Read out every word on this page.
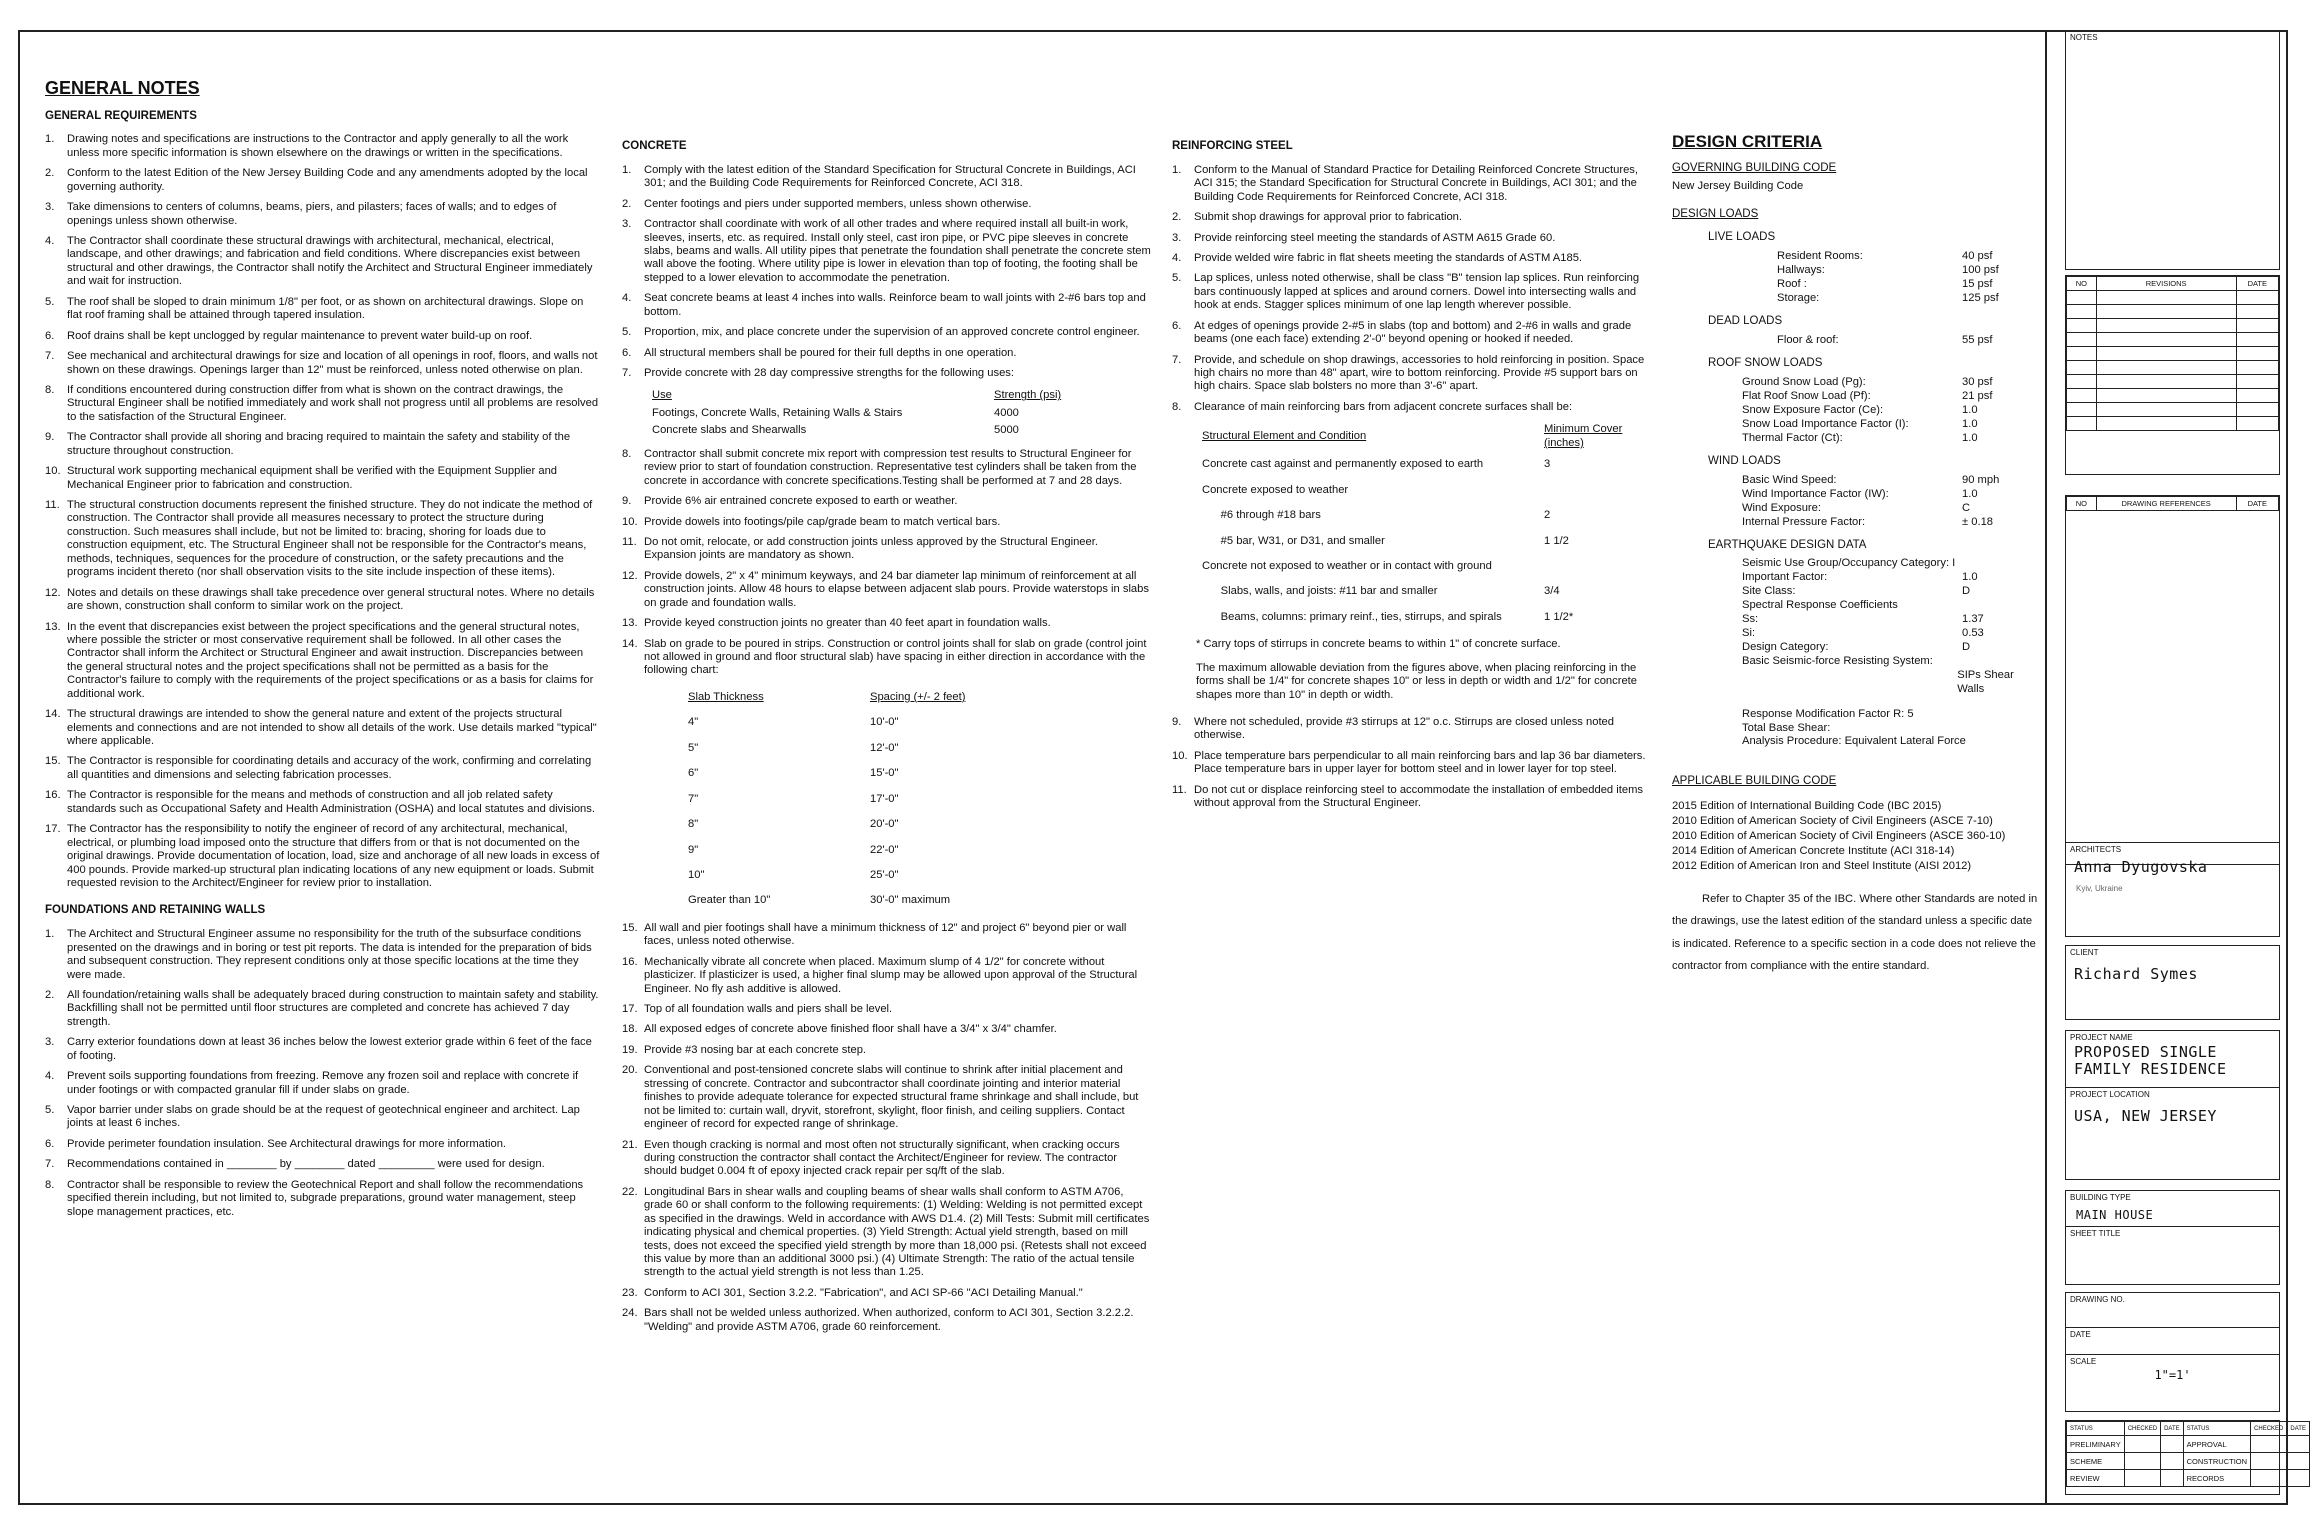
GENERAL NOTES
GENERAL REQUIREMENTS
1.	Drawing notes and specifications are instructions to the Contractor and apply generally to all the work unless more specific information is shown elsewhere on the drawings or written in the specifications.
2.	Conform to the latest Edition of the New Jersey Building Code and any amendments adopted by the local governing authority.
3.	Take dimensions to centers of columns, beams, piers, and pilasters; faces of walls; and to edges of openings unless shown otherwise.
4.	The Contractor shall coordinate these structural drawings with architectural, mechanical, electrical, landscape, and other drawings; and fabrication and field conditions. Where discrepancies exist between structural and other drawings, the Contractor shall notify the Architect and Structural Engineer immediately and wait for instruction.
5.	The roof shall be sloped to drain minimum 1/8" per foot, or as shown on architectural drawings. Slope on flat roof framing shall be attained through tapered insulation.
6.	Roof drains shall be kept unclogged by regular maintenance to prevent water build-up on roof.
7.	See mechanical and architectural drawings for size and location of all openings in roof, floors, and walls not shown on these drawings. Openings larger than 12" must be reinforced, unless noted otherwise on plan.
8.	If conditions encountered during construction differ from what is shown on the contract drawings, the Structural Engineer shall be notified immediately and work shall not progress until all problems are resolved to the satisfaction of the Structural Engineer.
9.	The Contractor shall provide all shoring and bracing required to maintain the safety and stability of the structure throughout construction.
10. Structural work supporting mechanical equipment shall be verified with the Equipment Supplier and Mechanical Engineer prior to fabrication and construction.
11. The structural construction documents represent the finished structure. They do not indicate the method of construction. The Contractor shall provide all measures necessary to protect the structure during construction. Such measures shall include, but not be limited to: bracing, shoring for loads due to construction equipment, etc. The Structural Engineer shall not be responsible for the Contractor's means, methods, techniques, sequences for the procedure of construction, or the safety precautions and the programs incident thereto (nor shall observation visits to the site include inspection of these items).
12. Notes and details on these drawings shall take precedence over general structural notes. Where no details are shown, construction shall conform to similar work on the project.
13. In the event that discrepancies exist between the project specifications and the general structural notes, where possible the stricter or most conservative requirement shall be followed. In all other cases the Contractor shall inform the Architect or Structural Engineer and await instruction. Discrepancies between the general structural notes and the project specifications shall not be permitted as a basis for the Contractor's failure to comply with the requirements of the project specifications or as a basis for claims for additional work.
14. The structural drawings are intended to show the general nature and extent of the projects structural elements and connections and are not intended to show all details of the work. Use details marked "typical" where applicable.
15. The Contractor is responsible for coordinating details and accuracy of the work, confirming and correlating all quantities and dimensions and selecting fabrication processes.
16. The Contractor is responsible for the means and methods of construction and all job related safety standards such as Occupational Safety and Health Administration (OSHA) and local statutes and divisions.
17. The Contractor has the responsibility to notify the engineer of record of any architectural, mechanical, electrical, or plumbing load imposed onto the structure that differs from or that is not documented on the original drawings. Provide documentation of location, load, size and anchorage of all new loads in excess of 400 pounds. Provide marked-up structural plan indicating locations of any new equipment or loads. Submit requested revision to the Architect/Engineer for review prior to installation.
FOUNDATIONS AND RETAINING WALLS
1.	The Architect and Structural Engineer assume no responsibility for the truth of the subsurface conditions presented on the drawings and in boring or test pit reports. The data is intended for the preparation of bids and subsequent construction. They represent conditions only at those specific locations at the time they were made.
2.	All foundation/retaining walls shall be adequately braced during construction to maintain safety and stability. Backfilling shall not be permitted until floor structures are completed and concrete has achieved 7 day strength.
3.	Carry exterior foundations down at least 36 inches below the lowest exterior grade within 6 feet of the face of footing.
4.	Prevent soils supporting foundations from freezing. Remove any frozen soil and replace with concrete if under footings or with compacted granular fill if under slabs on grade.
5.	Vapor barrier under slabs on grade should be at the request of geotechnical engineer and architect. Lap joints at least 6 inches.
6.	Provide perimeter foundation insulation. See Architectural drawings for more information.
7.	Recommendations contained in ________ by ________ dated _________ were used for design.
8.	Contractor shall be responsible to review the Geotechnical Report and shall follow the recommendations specified therein including, but not limited to, subgrade preparations, ground water management, steep slope management practices, etc.
CONCRETE
1.	Comply with the latest edition of the Standard Specification for Structural Concrete in Buildings, ACI 301; and the Building Code Requirements for Reinforced Concrete, ACI 318.
2.	Center footings and piers under supported members, unless shown otherwise.
3.	Contractor shall coordinate with work of all other trades and where required install all built-in work, sleeves, inserts, etc. as required. Install only steel, cast iron pipe, or PVC pipe sleeves in concrete slabs, beams and walls. All utility pipes that penetrate the foundation shall penetrate the concrete stem wall above the footing. Where utility pipe is lower in elevation than top of footing, the footing shall be stepped to a lower elevation to accommodate the penetration.
4.	Seat concrete beams at least 4 inches into walls. Reinforce beam to wall joints with 2-#6 bars top and bottom.
5.	Proportion, mix, and place concrete under the supervision of an approved concrete control engineer.
6.	All structural members shall be poured for their full depths in one operation.
7.	Provide concrete with 28 day compressive strengths for the following uses:
Use	Strength (psi)
Footings, Concrete Walls, Retaining Walls & Stairs	4000
Concrete slabs and Shearwalls	5000
8.	Contractor shall submit concrete mix report with compression test results to Structural Engineer for review prior to start of foundation construction. Representative test cylinders shall be taken from the concrete in accordance with concrete specifications.Testing shall be performed at 7 and 28 days.
9.	Provide 6% air entrained concrete exposed to earth or weather.
10. Provide dowels into footings/pile cap/grade beam to match vertical bars.
11. Do not omit, relocate, or add construction joints unless approved by the Structural Engineer. Expansion joints are mandatory as shown.
12. Provide dowels, 2" x 4" minimum keyways, and 24 bar diameter lap minimum of reinforcement at all construction joints. Allow 48 hours to elapse between adjacent slab pours. Provide waterstops in slabs on grade and foundation walls.
13. Provide keyed construction joints no greater than 40 feet apart in foundation walls.
14. Slab on grade to be poured in strips. Construction or control joints shall for slab on grade (control joint not allowed in ground and floor structural slab) have spacing in either direction in accordance with the following chart:
Slab Thickness	Spacing (+/- 2 feet)
4"	10'-0"
5"	12'-0"
6"	15'-0"
7"	17'-0"
8"	20'-0"
9"	22'-0"
10"	25'-0"
Greater than 10"	30'-0" maximum
15. All wall and pier footings shall have a minimum thickness of 12" and project 6" beyond pier or wall faces, unless noted otherwise.
16. Mechanically vibrate all concrete when placed. Maximum slump of 4 1/2" for concrete without plasticizer. If plasticizer is used, a higher final slump may be allowed upon approval of the Structural Engineer. No fly ash additive is allowed.
17. Top of all foundation walls and piers shall be level.
18. All exposed edges of concrete above finished floor shall have a 3/4" x 3/4" chamfer.
19. Provide #3 nosing bar at each concrete step.
20. Conventional and post-tensioned concrete slabs will continue to shrink after initial placement and stressing of concrete. Contractor and subcontractor shall coordinate jointing and interior material finishes to provide adequate tolerance for expected structural frame shrinkage and shall include, but not be limited to: curtain wall, dryvit, storefront, skylight, floor finish, and ceiling suppliers. Contact engineer of record for expected range of shrinkage.
21. Even though cracking is normal and most often not structurally significant, when cracking occurs during construction the contractor shall contact the Architect/Engineer for review. The contractor should budget 0.004 ft of epoxy injected crack repair per sq/ft of the slab.
22. Longitudinal Bars in shear walls and coupling beams of shear walls shall conform to ASTM A706, grade 60 or shall conform to the following requirements: (1) Welding: Welding is not permitted except as specified in the drawings. Weld in accordance with AWS D1.4. (2) Mill Tests: Submit mill certificates indicating physical and chemical properties. (3) Yield Strength: Actual yield strength, based on mill tests, does not exceed the specified yield strength by more than 18,000 psi. (Retests shall not exceed this value by more than an additional 3000 psi.) (4) Ultimate Strength: The ratio of the actual tensile strength to the actual yield strength is not less than 1.25.
23. Conform to ACI 301, Section 3.2.2. "Fabrication", and ACI SP-66 "ACI Detailing Manual."
24. Bars shall not be welded unless authorized. When authorized, conform to ACI 301, Section 3.2.2.2. "Welding" and provide ASTM A706, grade 60 reinforcement.
REINFORCING STEEL
1.	Conform to the Manual of Standard Practice for Detailing Reinforced Concrete Structures, ACI 315; the Standard Specification for Structural Concrete in Buildings, ACI 301; and the Building Code Requirements for Reinforced Concrete, ACI 318.
2.	Submit shop drawings for approval prior to fabrication.
3.	Provide reinforcing steel meeting the standards of ASTM A615 Grade 60.
4.	Provide welded wire fabric in flat sheets meeting the standards of ASTM A185.
5.	Lap splices, unless noted otherwise, shall be class "B" tension lap splices. Run reinforcing bars continuously lapped at splices and around corners. Dowel into intersecting walls and hook at ends. Stagger splices minimum of one lap length wherever possible.
6.	At edges of openings provide 2-#5 in slabs (top and bottom) and 2-#6 in walls and grade beams (one each face) extending 2'-0" beyond opening or hooked if needed.
7.	Provide, and schedule on shop drawings, accessories to hold reinforcing in position. Space high chairs no more than 48" apart, wire to bottom reinforcing. Provide #5 support bars on high chairs. Space slab bolsters no more than 3'-6" apart.
8.	Clearance of main reinforcing bars from adjacent concrete surfaces shall be:
Structural Element and Condition	Minimum Cover (inches)
Concrete cast against and permanently exposed to earth	3
Concrete exposed to weather	
#6 through #18 bars	2
#5 bar, W31, or D31, and smaller	1 1/2
Concrete not exposed to weather or in contact with ground	
Slabs, walls, and joists: #11 bar and smaller	3/4
Beams, columns: primary reinf., ties, stirrups, and spirals	1 1/2*
* Carry tops of stirrups in concrete beams to within 1" of concrete surface.
The maximum allowable deviation from the figures above, when placing reinforcing in the forms shall be 1/4" for concrete shapes 10" or less in depth or width and 1/2" for concrete shapes more than 10" in depth or width.
9.	Where not scheduled, provide #3 stirrups at 12" o.c. Stirrups are closed unless noted otherwise.
10. Place temperature bars perpendicular to all main reinforcing bars and lap 36 bar diameters. Place temperature bars in upper layer for bottom steel and in lower layer for top steel.
11. Do not cut or displace reinforcing steel to accommodate the installation of embedded items without approval from the Structural Engineer.
DESIGN CRITERIA
GOVERNING BUILDING CODE
New Jersey Building Code
DESIGN LOADS
LIVE LOADS
Resident Rooms:	40 psf
Hallways:	100 psf
Roof :	15 psf
Storage:	125 psf
DEAD LOADS
Floor & roof:	55 psf
ROOF SNOW LOADS
Ground Snow Load (Pg):	30 psf
Flat Roof Snow Load (Pf):	21 psf
Snow Exposure Factor (Ce):	1.0
Snow Load Importance Factor (I):	1.0
Thermal Factor (Ct):	1.0
WIND LOADS
Basic Wind Speed:	90 mph
Wind Importance Factor (IW):	1.0
Wind Exposure:	C
Internal Pressure Factor:	± 0.18
EARTHQUAKE DESIGN DATA
Seismic Use Group/Occupancy Category: I
Important Factor:	1.0
Site Class:	D
Spectral Response Coefficients
Ss:	1.37
Si:	0.53
Design Category:	D
Basic Seismic-force Resisting System:
SIPs Shear Walls
Response Modification Factor R: 5
Total Base Shear:
Analysis Procedure: Equivalent Lateral Force
APPLICABLE BUILDING CODE
2015 Edition of International Building Code (IBC 2015)
2010 Edition of American Society of Civil Engineers (ASCE 7-10)
2010 Edition of American Society of Civil Engineers (ASCE 360-10)
2014 Edition of American Concrete Institute (ACI 318-14)
2012 Edition of American Iron and Steel Institute (AISI 2012)
Refer to Chapter 35 of the IBC. Where other Standards are noted in the drawings, use the latest edition of the standard unless a specific date is indicated. Reference to a specific section in a code does not relieve the contractor from compliance with the entire standard.
NOTES
NO	REVISIONS	DATE

NO	DRAWING REFERENCES	DATE
ARCHITECTS
Anna Dyugovska
Kyiv, Ukraine
CLIENT
Richard Symes
PROJECT NAME
PROPOSED SINGLE FAMILY RESIDENCE
PROJECT LOCATION
USA, NEW JERSEY
BUILDING TYPE
MAIN HOUSE
SHEET TITLE
DRAWING NO.
DATE
SCALE
1"=1'
STATUS	CHECKED	DATE	STATUS	CHECKED	DATE
PRELIMINARY			APPROVAL		
SCHEME			CONSTRUCTION		
REVIEW			RECORDS		
